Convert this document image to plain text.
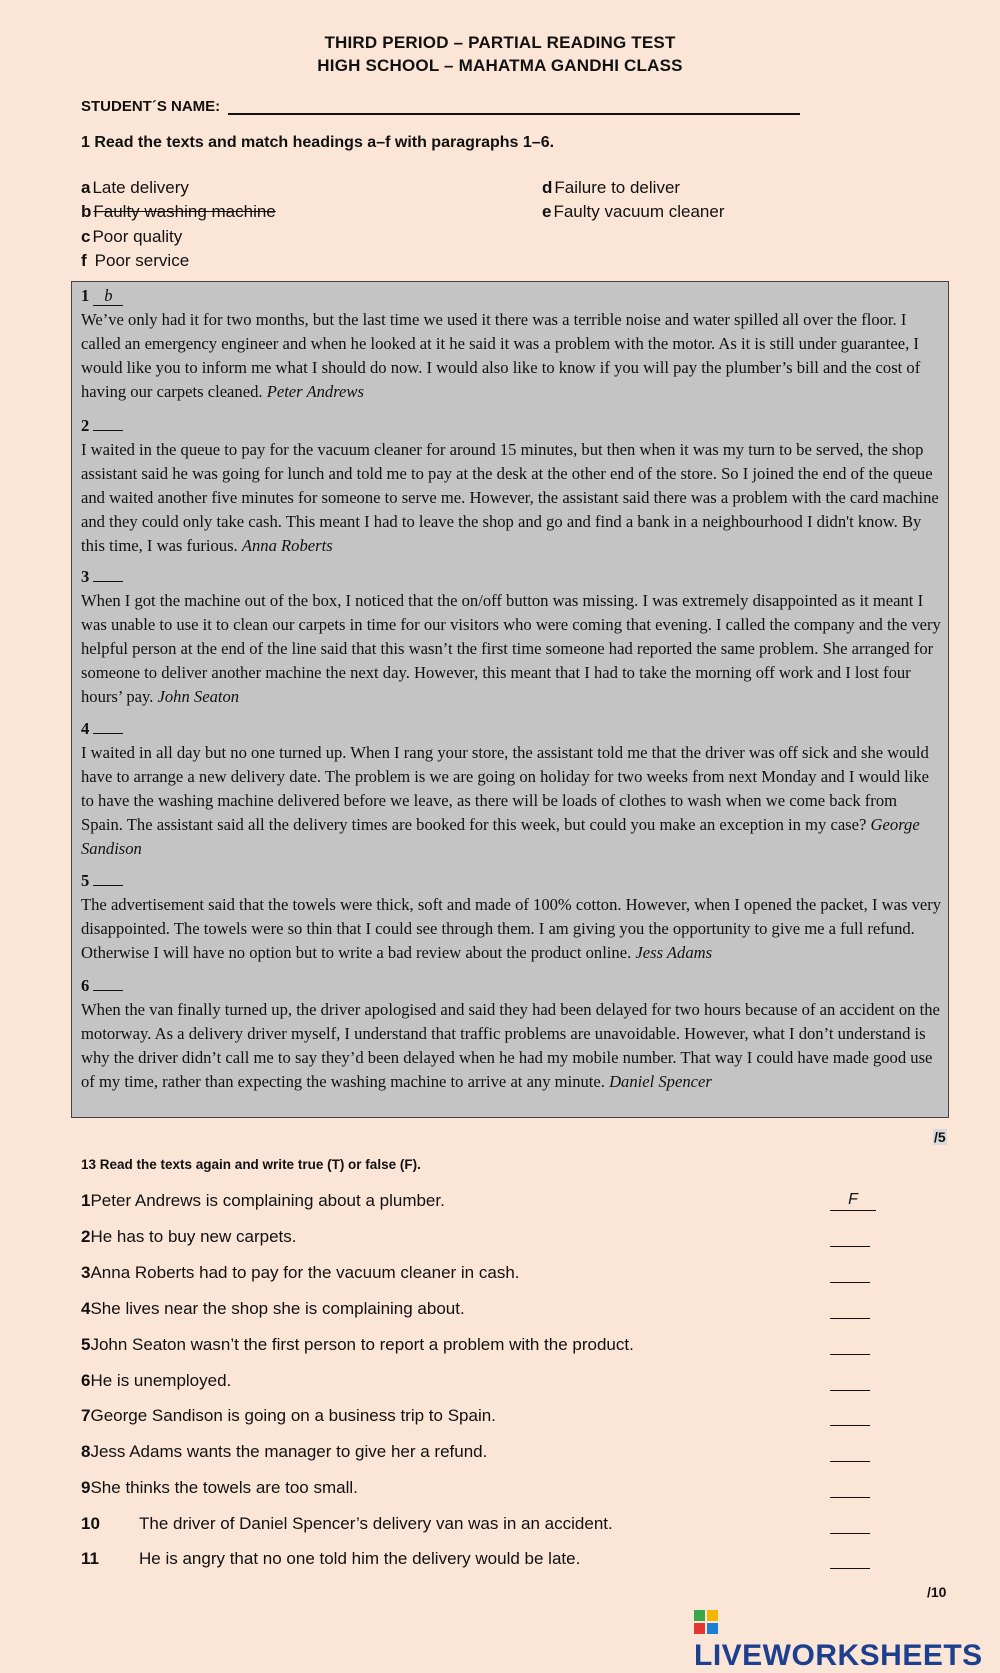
THIRD PERIOD – PARTIAL READING TEST
HIGH SCHOOL – MAHATMA GANDHI CLASS
STUDENT´S NAME:
1 Read the texts and match headings a–f with paragraphs 1–6.
a Late delivery
b Faulty washing machine
c Poor quality
f Poor service
d Failure to deliver
e Faulty vacuum cleaner
1 b
We’ve only had it for two months, but the last time we used it there was a terrible noise and water spilled all over the floor. I called an emergency engineer and when he looked at it he said it was a problem with the motor. As it is still under guarantee, I would like you to inform me what I should do now. I would also like to know if you will pay the plumber’s bill and the cost of having our carpets cleaned. Peter Andrews
2
I waited in the queue to pay for the vacuum cleaner for around 15 minutes, but then when it was my turn to be served, the shop assistant said he was going for lunch and told me to pay at the desk at the other end of the store. So I joined the end of the queue and waited another five minutes for someone to serve me. However, the assistant said there was a problem with the card machine and they could only take cash. This meant I had to leave the shop and go and find a bank in a neighbourhood I didn't know. By this time, I was furious. Anna Roberts
3
When I got the machine out of the box, I noticed that the on/off button was missing. I was extremely disappointed as it meant I was unable to use it to clean our carpets in time for our visitors who were coming that evening. I called the company and the very helpful person at the end of the line said that this wasn’t the first time someone had reported the same problem. She arranged for someone to deliver another machine the next day. However, this meant that I had to take the morning off work and I lost four hours’ pay. John Seaton
4
I waited in all day but no one turned up. When I rang your store, the assistant told me that the driver was off sick and she would have to arrange a new delivery date. The problem is we are going on holiday for two weeks from next Monday and I would like to have the washing machine delivered before we leave, as there will be loads of clothes to wash when we come back from Spain. The assistant said all the delivery times are booked for this week, but could you make an exception in my case? George Sandison
5
The advertisement said that the towels were thick, soft and made of 100% cotton. However, when I opened the packet, I was very disappointed. The towels were so thin that I could see through them. I am giving you the opportunity to give me a full refund. Otherwise I will have no option but to write a bad review about the product online. Jess Adams
6
When the van finally turned up, the driver apologised and said they had been delayed for two hours because of an accident on the motorway. As a delivery driver myself, I understand that traffic problems are unavoidable. However, what I don’t understand is why the driver didn’t call me to say they’d been delayed when he had my mobile number. That way I could have made good use of my time, rather than expecting the washing machine to arrive at any minute. Daniel Spencer
/5
13 Read the texts again and write true (T) or false (F).
1Peter Andrews is complaining about a plumber.	F
2He has to buy new carpets.
3Anna Roberts had to pay for the vacuum cleaner in cash.
4She lives near the shop she is complaining about.
5John Seaton wasn’t the first person to report a problem with the product.
6He is unemployed.
7George Sandison is going on a business trip to Spain.
8Jess Adams wants the manager to give her a refund.
9She thinks the towels are too small.
10 The driver of Daniel Spencer’s delivery van was in an accident.
11 He is angry that no one told him the delivery would be late.
/10
LIVEWORKSHEETS
